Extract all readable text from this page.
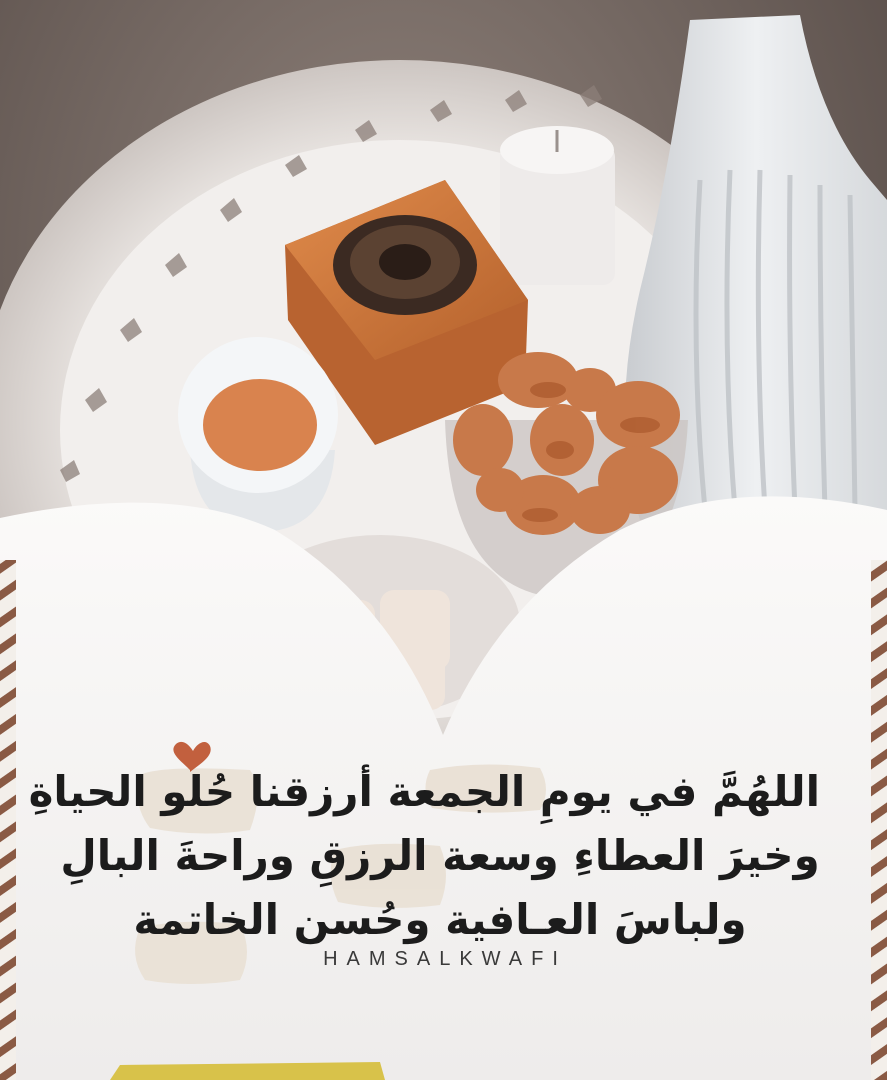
اللهُمَّ في يومِ الجمعة أرزقنا حُلو الحياةِ
وخيرَ العطاءِ وسعة الرزقِ وراحةَ البالِ
ولباسَ العـافية وحُسن الخاتمة
HAMSALKWAFI
